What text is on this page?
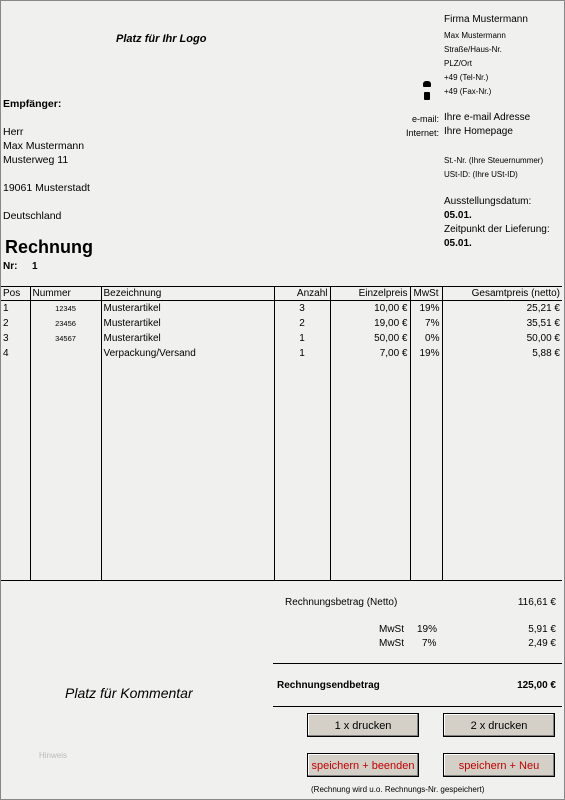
Platz für Ihr Logo
Firma Mustermann
Max Mustermann
Straße/Haus-Nr.
PLZ/Ort
+49 (Tel-Nr.)
+49 (Fax-Nr.)
e-mail: Ihre e-mail Adresse
Internet: Ihre Homepage
St.-Nr. (Ihre Steuernummer)
USt-ID: (Ihre USt-ID)
Empfänger:
Herr
Max Mustermann
Musterweg 11
19061 Musterstadt
Deutschland
Ausstellungsdatum:
05.01.
Zeitpunkt der Lieferung:
05.01.
Rechnung
Nr: 1
Pos	Nummer	Bezeichnung	Anzahl	Einzelpreis	MwSt	Gesamtpreis (netto)
1	12345	Musterartikel	3	10,00 €	19%	25,21 €
2	23456	Musterartikel	2	19,00 €	7%	35,51 €
3	34567	Musterartikel	1	50,00 €	0%	50,00 €
4		Verpackung/Versand	1	7,00 €	19%	5,88 €

Rechnungsbetrag (Netto)	116,61 €
MwSt 19%	5,91 €
MwSt 7%	2,49 €
Rechnungsendbetrag	125,00 €
Platz für Kommentar
Hinweis
1 x drucken	2 x drucken
speichern + beenden	speichern + Neu
(Rechnung wird u.o. Rechnungs-Nr. gespeichert)
